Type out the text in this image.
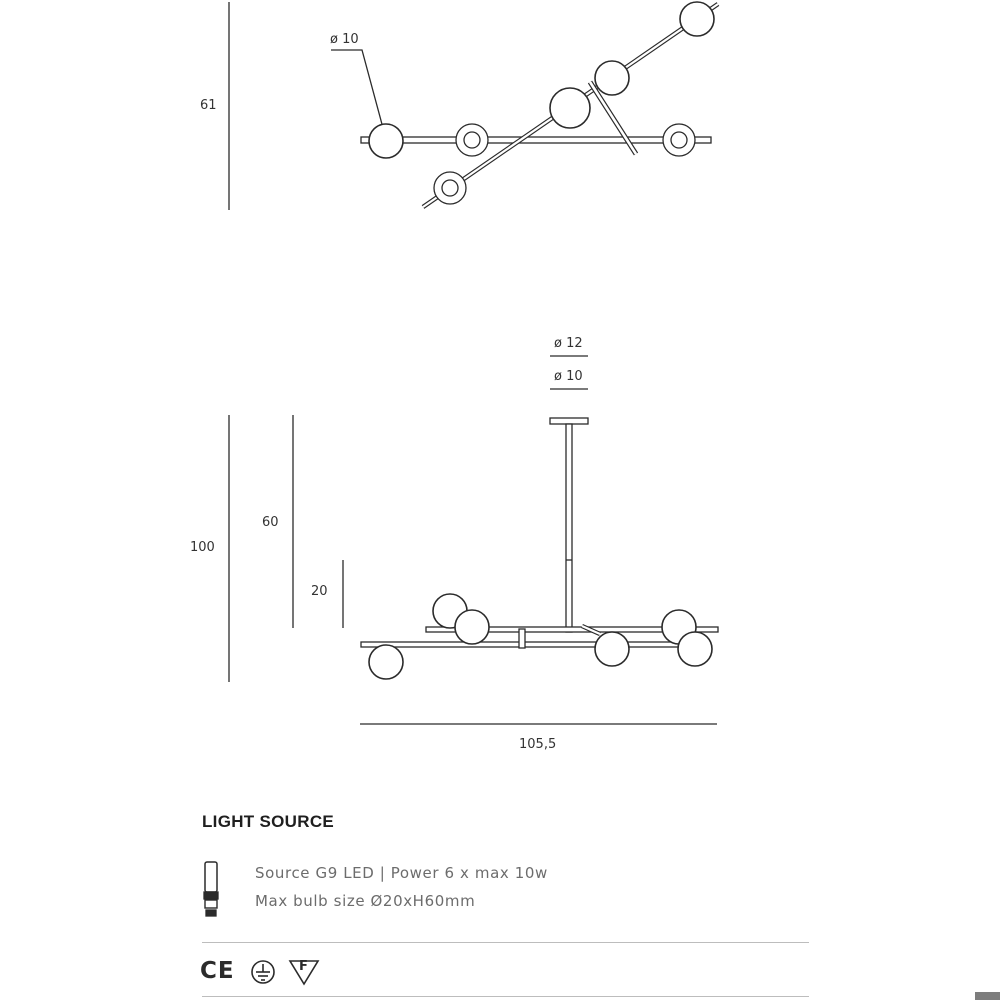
61
ø 10
ø 12
ø 10
100
60
20
105,5
LIGHT SOURCE
Source G9 LED | Power 6 x max 10w
Max bulb size Ø20xH60mm
CE	F
